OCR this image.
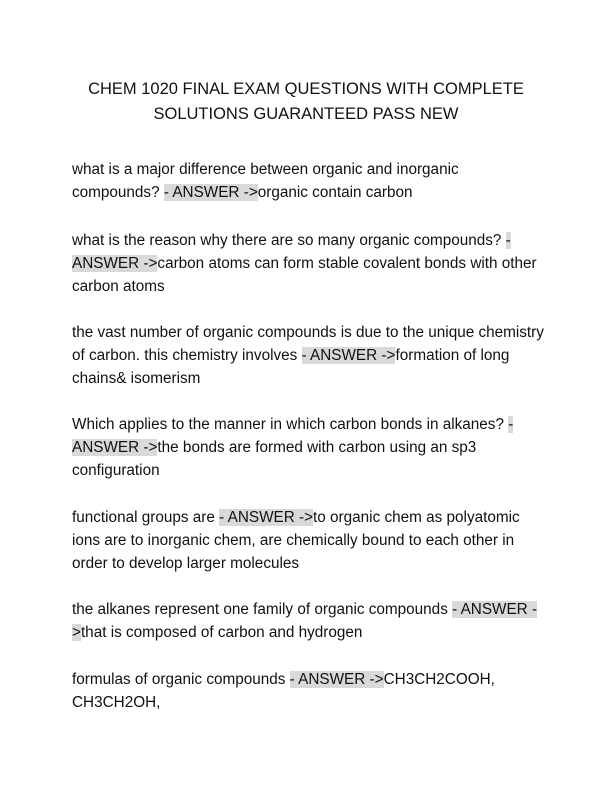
CHEM 1020 FINAL EXAM QUESTIONS WITH COMPLETE
SOLUTIONS GUARANTEED PASS NEW

what is a major difference between organic and inorganic compounds? - ANSWER ->organic contain carbon

what is the reason why there are so many organic compounds? - ANSWER ->carbon atoms can form stable covalent bonds with other carbon atoms

the vast number of organic compounds is due to the unique chemistry of carbon. this chemistry involves - ANSWER ->formation of long chains& isomerism

Which applies to the manner in which carbon bonds in alkanes? - ANSWER ->the bonds are formed with carbon using an sp3 configuration

functional groups are - ANSWER ->to organic chem as polyatomic ions are to inorganic chem, are chemically bound to each other in order to develop larger molecules

the alkanes represent one family of organic compounds - ANSWER ->that is composed of carbon and hydrogen

formulas of organic compounds - ANSWER ->CH3CH2COOH, CH3CH2OH,
